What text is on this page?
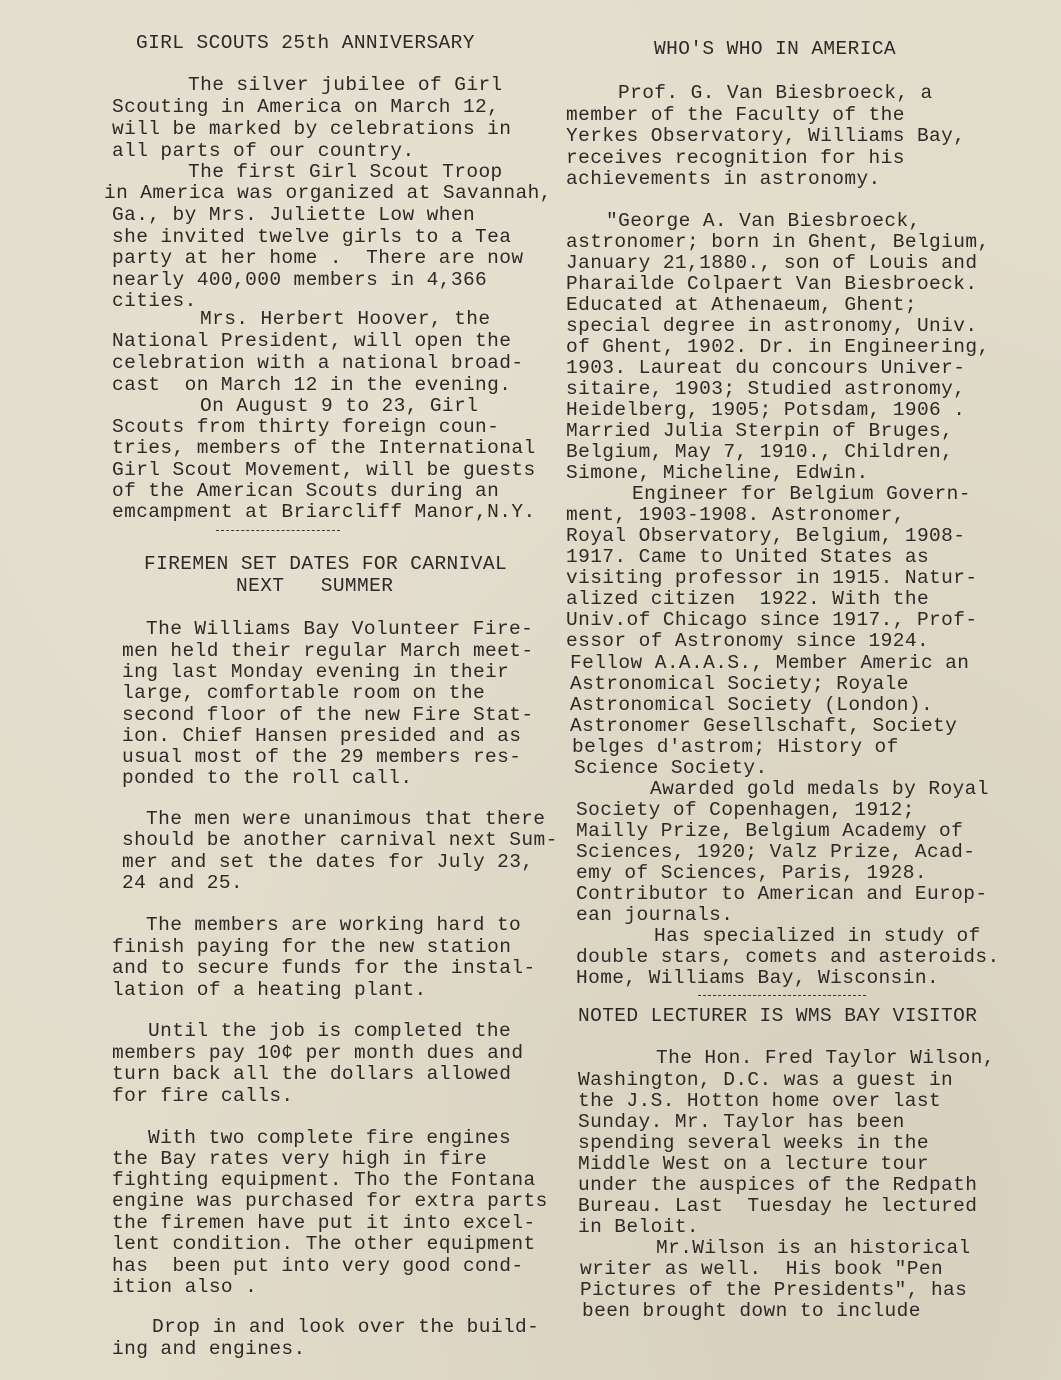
GIRL SCOUTS 25th ANNIVERSARY
The silver jubilee of Girl
Scouting in America on March 12,
will be marked by celebrations in
all parts of our country.
The first Girl Scout Troop
in America was organized at Savannah,
Ga., by Mrs. Juliette Low when
she invited twelve girls to a Tea
party at her home .  There are now
nearly 400,000 members in 4,366
cities.
Mrs. Herbert Hoover, the
National President, will open the
celebration with a national broad-
cast  on March 12 in the evening.
On August 9 to 23, Girl
Scouts from thirty foreign coun-
tries, members of the International
Girl Scout Movement, will be guests
of the American Scouts during an
emcampment at Briarcliff Manor,N.Y.
FIREMEN SET DATES FOR CARNIVAL
NEXT   SUMMER
The Williams Bay Volunteer Fire-
men held their regular March meet-
ing last Monday evening in their
large, comfortable room on the
second floor of the new Fire Stat-
ion. Chief Hansen presided and as
usual most of the 29 members res-
ponded to the roll call.
The men were unanimous that there
should be another carnival next Sum-
mer and set the dates for July 23,
24 and 25.
The members are working hard to
finish paying for the new station
and to secure funds for the instal-
lation of a heating plant.
Until the job is completed the
members pay 10¢ per month dues and
turn back all the dollars allowed
for fire calls.
With two complete fire engines
the Bay rates very high in fire
fighting equipment. Tho the Fontana
engine was purchased for extra parts
the firemen have put it into excel-
lent condition. The other equipment
has  been put into very good cond-
ition also .
Drop in and look over the build-
ing and engines.
WHO'S WHO IN AMERICA
Prof. G. Van Biesbroeck, a
member of the Faculty of the
Yerkes Observatory, Williams Bay,
receives recognition for his
achievements in astronomy.
"George A. Van Biesbroeck,
astronomer; born in Ghent, Belgium,
January 21,1880., son of Louis and
Pharailde Colpaert Van Biesbroeck.
Educated at Athenaeum, Ghent;
special degree in astronomy, Univ.
of Ghent, 1902. Dr. in Engineering,
1903. Laureat du concours Univer-
sitaire, 1903; Studied astronomy,
Heidelberg, 1905; Potsdam, 1906 .
Married Julia Sterpin of Bruges,
Belgium, May 7, 1910., Children,
Simone, Micheline, Edwin.
Engineer for Belgium Govern-
ment, 1903-1908. Astronomer,
Royal Observatory, Belgium, 1908-
1917. Came to United States as
visiting professor in 1915. Natur-
alized citizen  1922. With the
Univ.of Chicago since 1917., Prof-
essor of Astronomy since 1924.
Fellow A.A.A.S., Member Americ an
Astronomical Society; Royale
Astronomical Society (London).
Astronomer Gesellschaft, Society
belges d'astrom; History of
Science Society.
Awarded gold medals by Royal
Society of Copenhagen, 1912;
Mailly Prize, Belgium Academy of
Sciences, 1920; Valz Prize, Acad-
emy of Sciences, Paris, 1928.
Contributor to American and Europ-
ean journals.
Has specialized in study of
double stars, comets and asteroids.
Home, Williams Bay, Wisconsin.
NOTED LECTURER IS WMS BAY VISITOR
The Hon. Fred Taylor Wilson,
Washington, D.C. was a guest in
the J.S. Hotton home over last
Sunday. Mr. Taylor has been
spending several weeks in the
Middle West on a lecture tour
under the auspices of the Redpath
Bureau. Last  Tuesday he lectured
in Beloit.
Mr.Wilson is an historical
writer as well.  His book "Pen
Pictures of the Presidents", has
been brought down to include
